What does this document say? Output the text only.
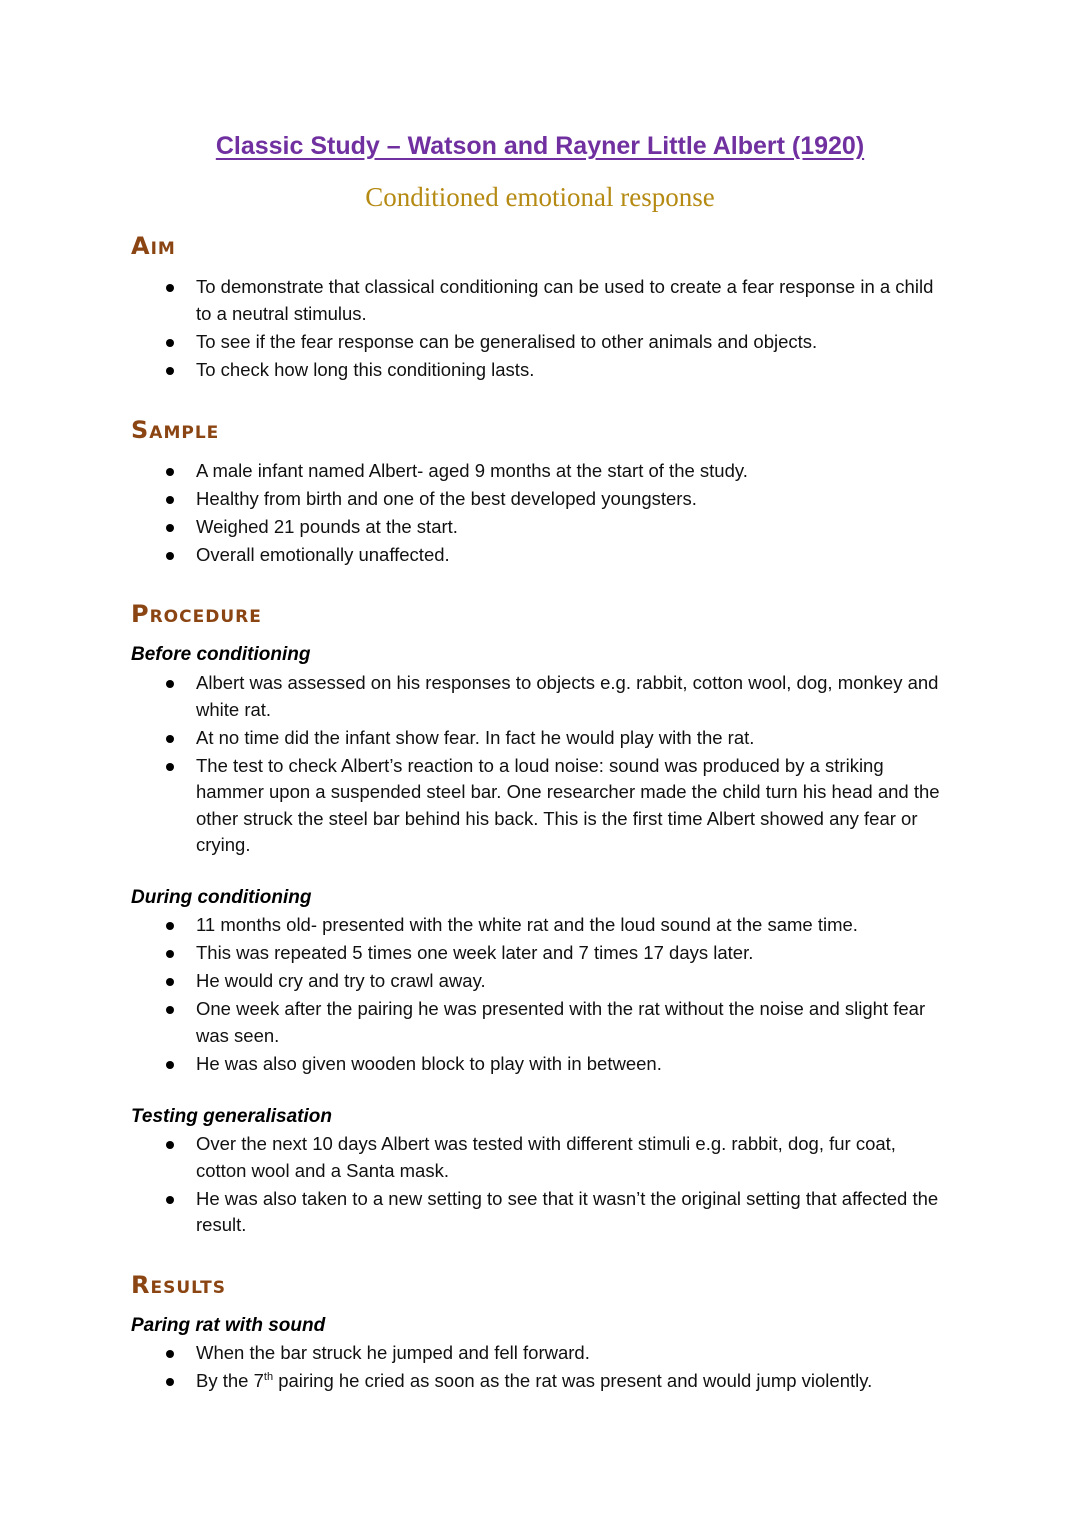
Classic Study – Watson and Rayner Little Albert (1920)
Conditioned emotional response
Aim
To demonstrate that classical conditioning can be used to create a fear response in a child to a neutral stimulus.
To see if the fear response can be generalised to other animals and objects.
To check how long this conditioning lasts.
Sample
A male infant named Albert- aged 9 months at the start of the study.
Healthy from birth and one of the best developed youngsters.
Weighed 21 pounds at the start.
Overall emotionally unaffected.
Procedure
Before conditioning
Albert was assessed on his responses to objects e.g. rabbit, cotton wool, dog, monkey and white rat.
At no time did the infant show fear. In fact he would play with the rat.
The test to check Albert’s reaction to a loud noise: sound was produced by a striking hammer upon a suspended steel bar. One researcher made the child turn his head and the other struck the steel bar behind his back. This is the first time Albert showed any fear or crying.
During conditioning
11 months old- presented with the white rat and the loud sound at the same time.
This was repeated 5 times one week later and 7 times 17 days later.
He would cry and try to crawl away.
One week after the pairing he was presented with the rat without the noise and slight fear was seen.
He was also given wooden block to play with in between.
Testing generalisation
Over the next 10 days Albert was tested with different stimuli e.g. rabbit, dog, fur coat, cotton wool and a Santa mask.
He was also taken to a new setting to see that it wasn’t the original setting that affected the result.
Results
Paring rat with sound
When the bar struck he jumped and fell forward.
By the 7th pairing he cried as soon as the rat was present and would jump violently.
